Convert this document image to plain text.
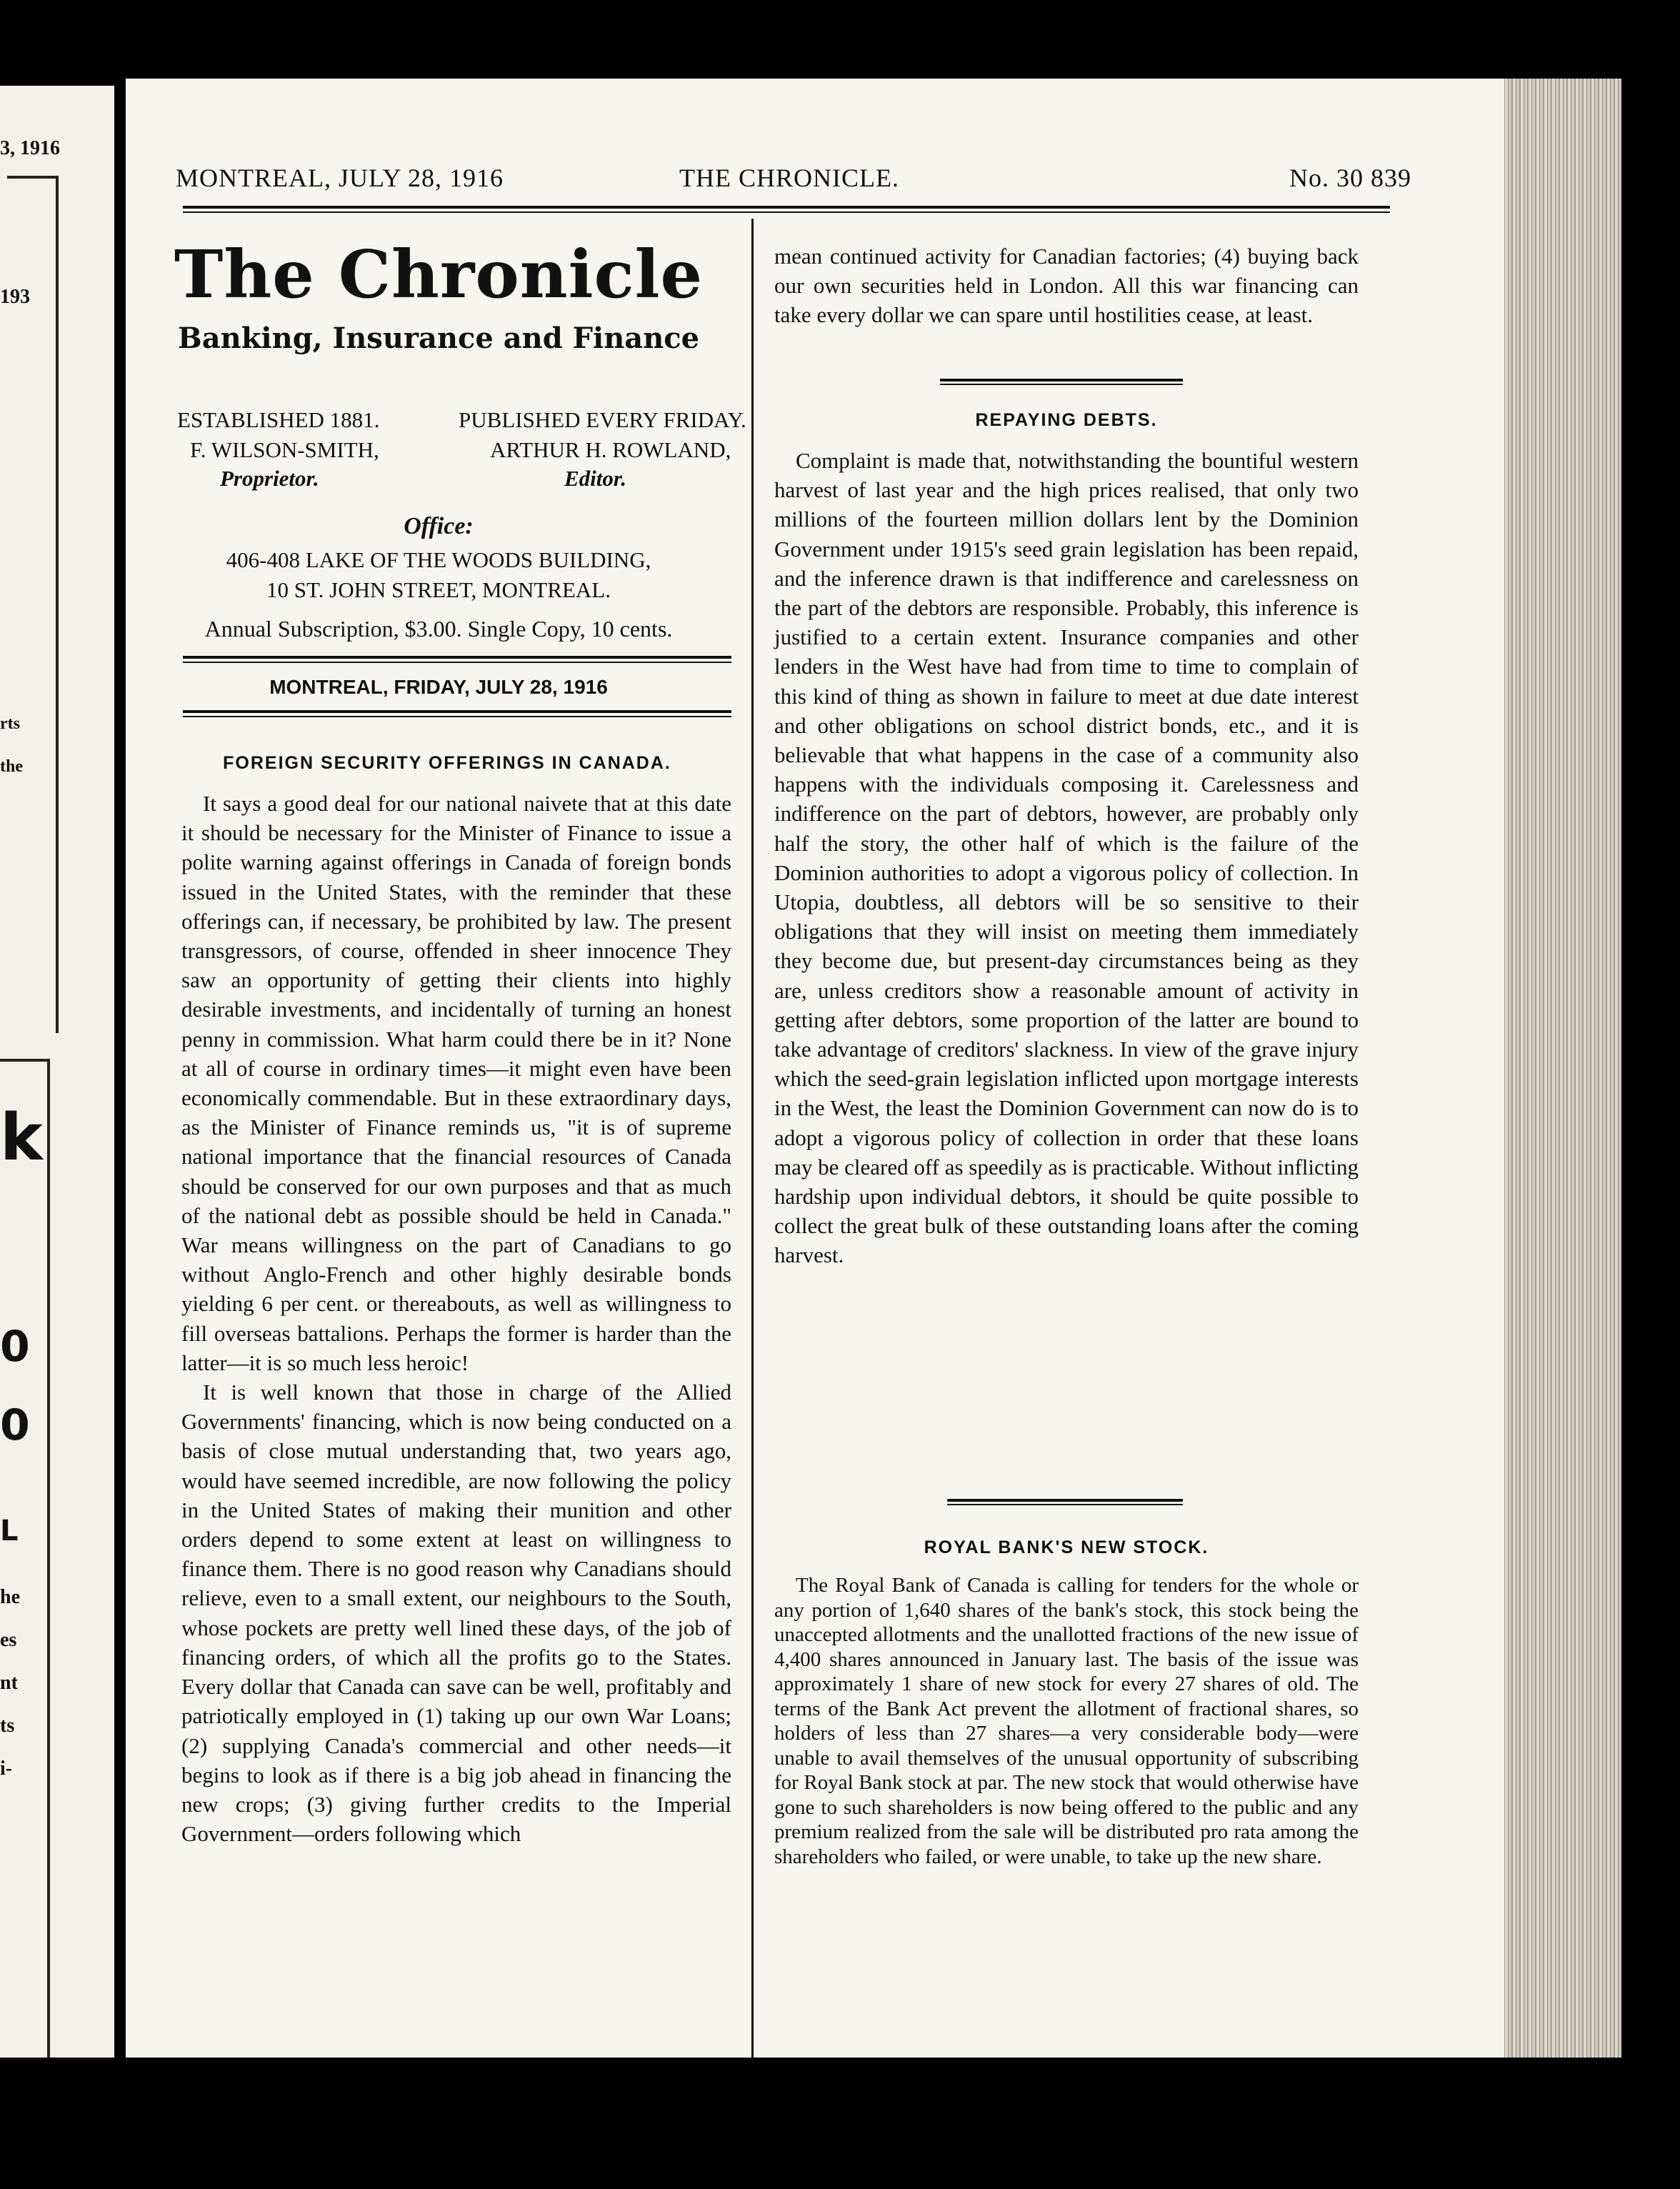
3, 1916
193
rts
the
k
0
0
L
he
es
nt
ts
i-
MONTREAL, JULY 28, 1916	THE CHRONICLE.	No. 30 839
The Chronicle
Banking, Insurance and Finance
ESTABLISHED 1881.	PUBLISHED EVERY FRIDAY.
F. WILSON-SMITH,	ARTHUR H. ROWLAND,
Proprietor.	Editor.
Office:
406-408 LAKE OF THE WOODS BUILDING,
10 ST. JOHN STREET, MONTREAL.
Annual Subscription, $3.00. Single Copy, 10 cents.
MONTREAL, FRIDAY, JULY 28, 1916
FOREIGN SECURITY OFFERINGS IN CANADA.

It says a good deal for our national naivete that at this date it should be necessary for the Minister of Finance to issue a polite warning against offerings in Canada of foreign bonds issued in the United States, with the reminder that these offerings can, if necessary, be prohibited by law. The present transgressors, of course, offended in sheer innocence They saw an opportunity of getting their clients into highly desirable investments, and incidentally of turning an honest penny in commission. What harm could there be in it? None at all of course in ordinary times—it might even have been economically commendable. But in these extraordinary days, as the Minister of Finance reminds us, "it is of supreme national importance that the financial resources of Canada should be conserved for our own purposes and that as much of the national debt as possible should be held in Canada." War means willingness on the part of Canadians to go without Anglo-French and other highly desirable bonds yielding 6 per cent. or thereabouts, as well as willingness to fill overseas battalions. Perhaps the former is harder than the latter—it is so much less heroic!

It is well known that those in charge of the Allied Governments' financing, which is now being conducted on a basis of close mutual understanding that, two years ago, would have seemed incredible, are now following the policy in the United States of making their munition and other orders depend to some extent at least on willingness to finance them. There is no good reason why Canadians should relieve, even to a small extent, our neighbours to the South, whose pockets are pretty well lined these days, of the job of financing orders, of which all the profits go to the States. Every dollar that Canada can save can be well, profitably and patriotically employed in (1) taking up our own War Loans; (2) supplying Canada's commercial and other needs—it begins to look as if there is a big job ahead in financing the new crops; (3) giving further credits to the Imperial Government—orders following which

mean continued activity for Canadian factories; (4) buying back our own securities held in London. All this war financing can take every dollar we can spare until hostilities cease, at least.

REPAYING DEBTS.

Complaint is made that, notwithstanding the bountiful western harvest of last year and the high prices realised, that only two millions of the fourteen million dollars lent by the Dominion Government under 1915's seed grain legislation has been repaid, and the inference drawn is that indifference and carelessness on the part of the debtors are responsible. Probably, this inference is justified to a certain extent. Insurance companies and other lenders in the West have had from time to time to complain of this kind of thing as shown in failure to meet at due date interest and other obligations on school district bonds, etc., and it is believable that what happens in the case of a community also happens with the individuals composing it. Carelessness and indifference on the part of debtors, however, are probably only half the story, the other half of which is the failure of the Dominion authorities to adopt a vigorous policy of collection. In Utopia, doubtless, all debtors will be so sensitive to their obligations that they will insist on meeting them immediately they become due, but present-day circumstances being as they are, unless creditors show a reasonable amount of activity in getting after debtors, some proportion of the latter are bound to take advantage of creditors' slackness. In view of the grave injury which the seed-grain legislation inflicted upon mortgage interests in the West, the least the Dominion Government can now do is to adopt a vigorous policy of collection in order that these loans may be cleared off as speedily as is practicable. Without inflicting hardship upon individual debtors, it should be quite possible to collect the great bulk of these outstanding loans after the coming harvest.

ROYAL BANK'S NEW STOCK.

The Royal Bank of Canada is calling for tenders for the whole or any portion of 1,640 shares of the bank's stock, this stock being the unaccepted allotments and the unallotted fractions of the new issue of 4,400 shares announced in January last. The basis of the issue was approximately 1 share of new stock for every 27 shares of old. The terms of the Bank Act prevent the allotment of fractional shares, so holders of less than 27 shares—a very considerable body—were unable to avail themselves of the unusual opportunity of subscribing for Royal Bank stock at par. The new stock that would otherwise have gone to such shareholders is now being offered to the public and any premium realized from the sale will be distributed pro rata among the shareholders who failed, or were unable, to take up the new share.
